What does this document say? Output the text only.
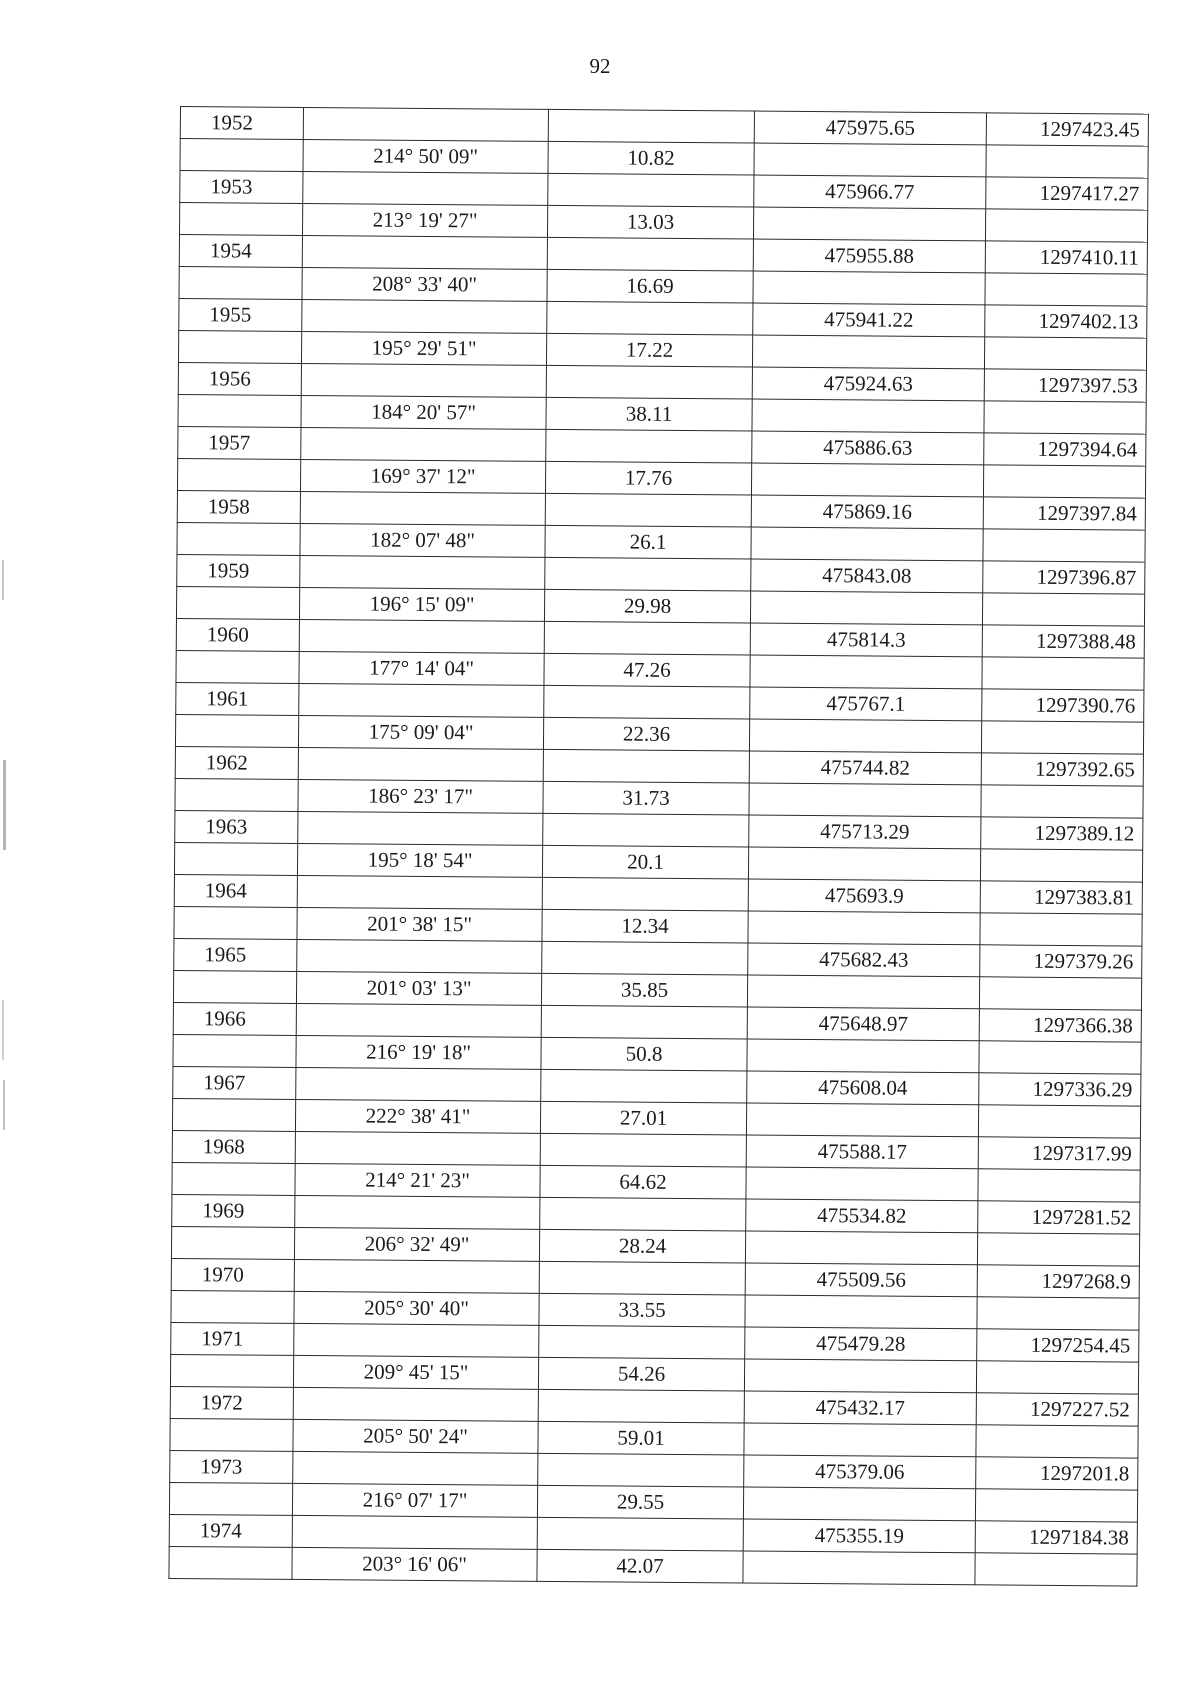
92
1952			475975.65	1297423.45
	214° 50' 09"	10.82		
1953			475966.77	1297417.27
	213° 19' 27"	13.03		
1954			475955.88	1297410.11
	208° 33' 40"	16.69		
1955			475941.22	1297402.13
	195° 29' 51"	17.22		
1956			475924.63	1297397.53
	184° 20' 57"	38.11		
1957			475886.63	1297394.64
	169° 37' 12"	17.76		
1958			475869.16	1297397.84
	182° 07' 48"	26.1		
1959			475843.08	1297396.87
	196° 15' 09"	29.98		
1960			475814.3	1297388.48
	177° 14' 04"	47.26		
1961			475767.1	1297390.76
	175° 09' 04"	22.36		
1962			475744.82	1297392.65
	186° 23' 17"	31.73		
1963			475713.29	1297389.12
	195° 18' 54"	20.1		
1964			475693.9	1297383.81
	201° 38' 15"	12.34		
1965			475682.43	1297379.26
	201° 03' 13"	35.85		
1966			475648.97	1297366.38
	216° 19' 18"	50.8		
1967			475608.04	1297336.29
	222° 38' 41"	27.01		
1968			475588.17	1297317.99
	214° 21' 23"	64.62		
1969			475534.82	1297281.52
	206° 32' 49"	28.24		
1970			475509.56	1297268.9
	205° 30' 40"	33.55		
1971			475479.28	1297254.45
	209° 45' 15"	54.26		
1972			475432.17	1297227.52
	205° 50' 24"	59.01		
1973			475379.06	1297201.8
	216° 07' 17"	29.55		
1974			475355.19	1297184.38
	203° 16' 06"	42.07		
